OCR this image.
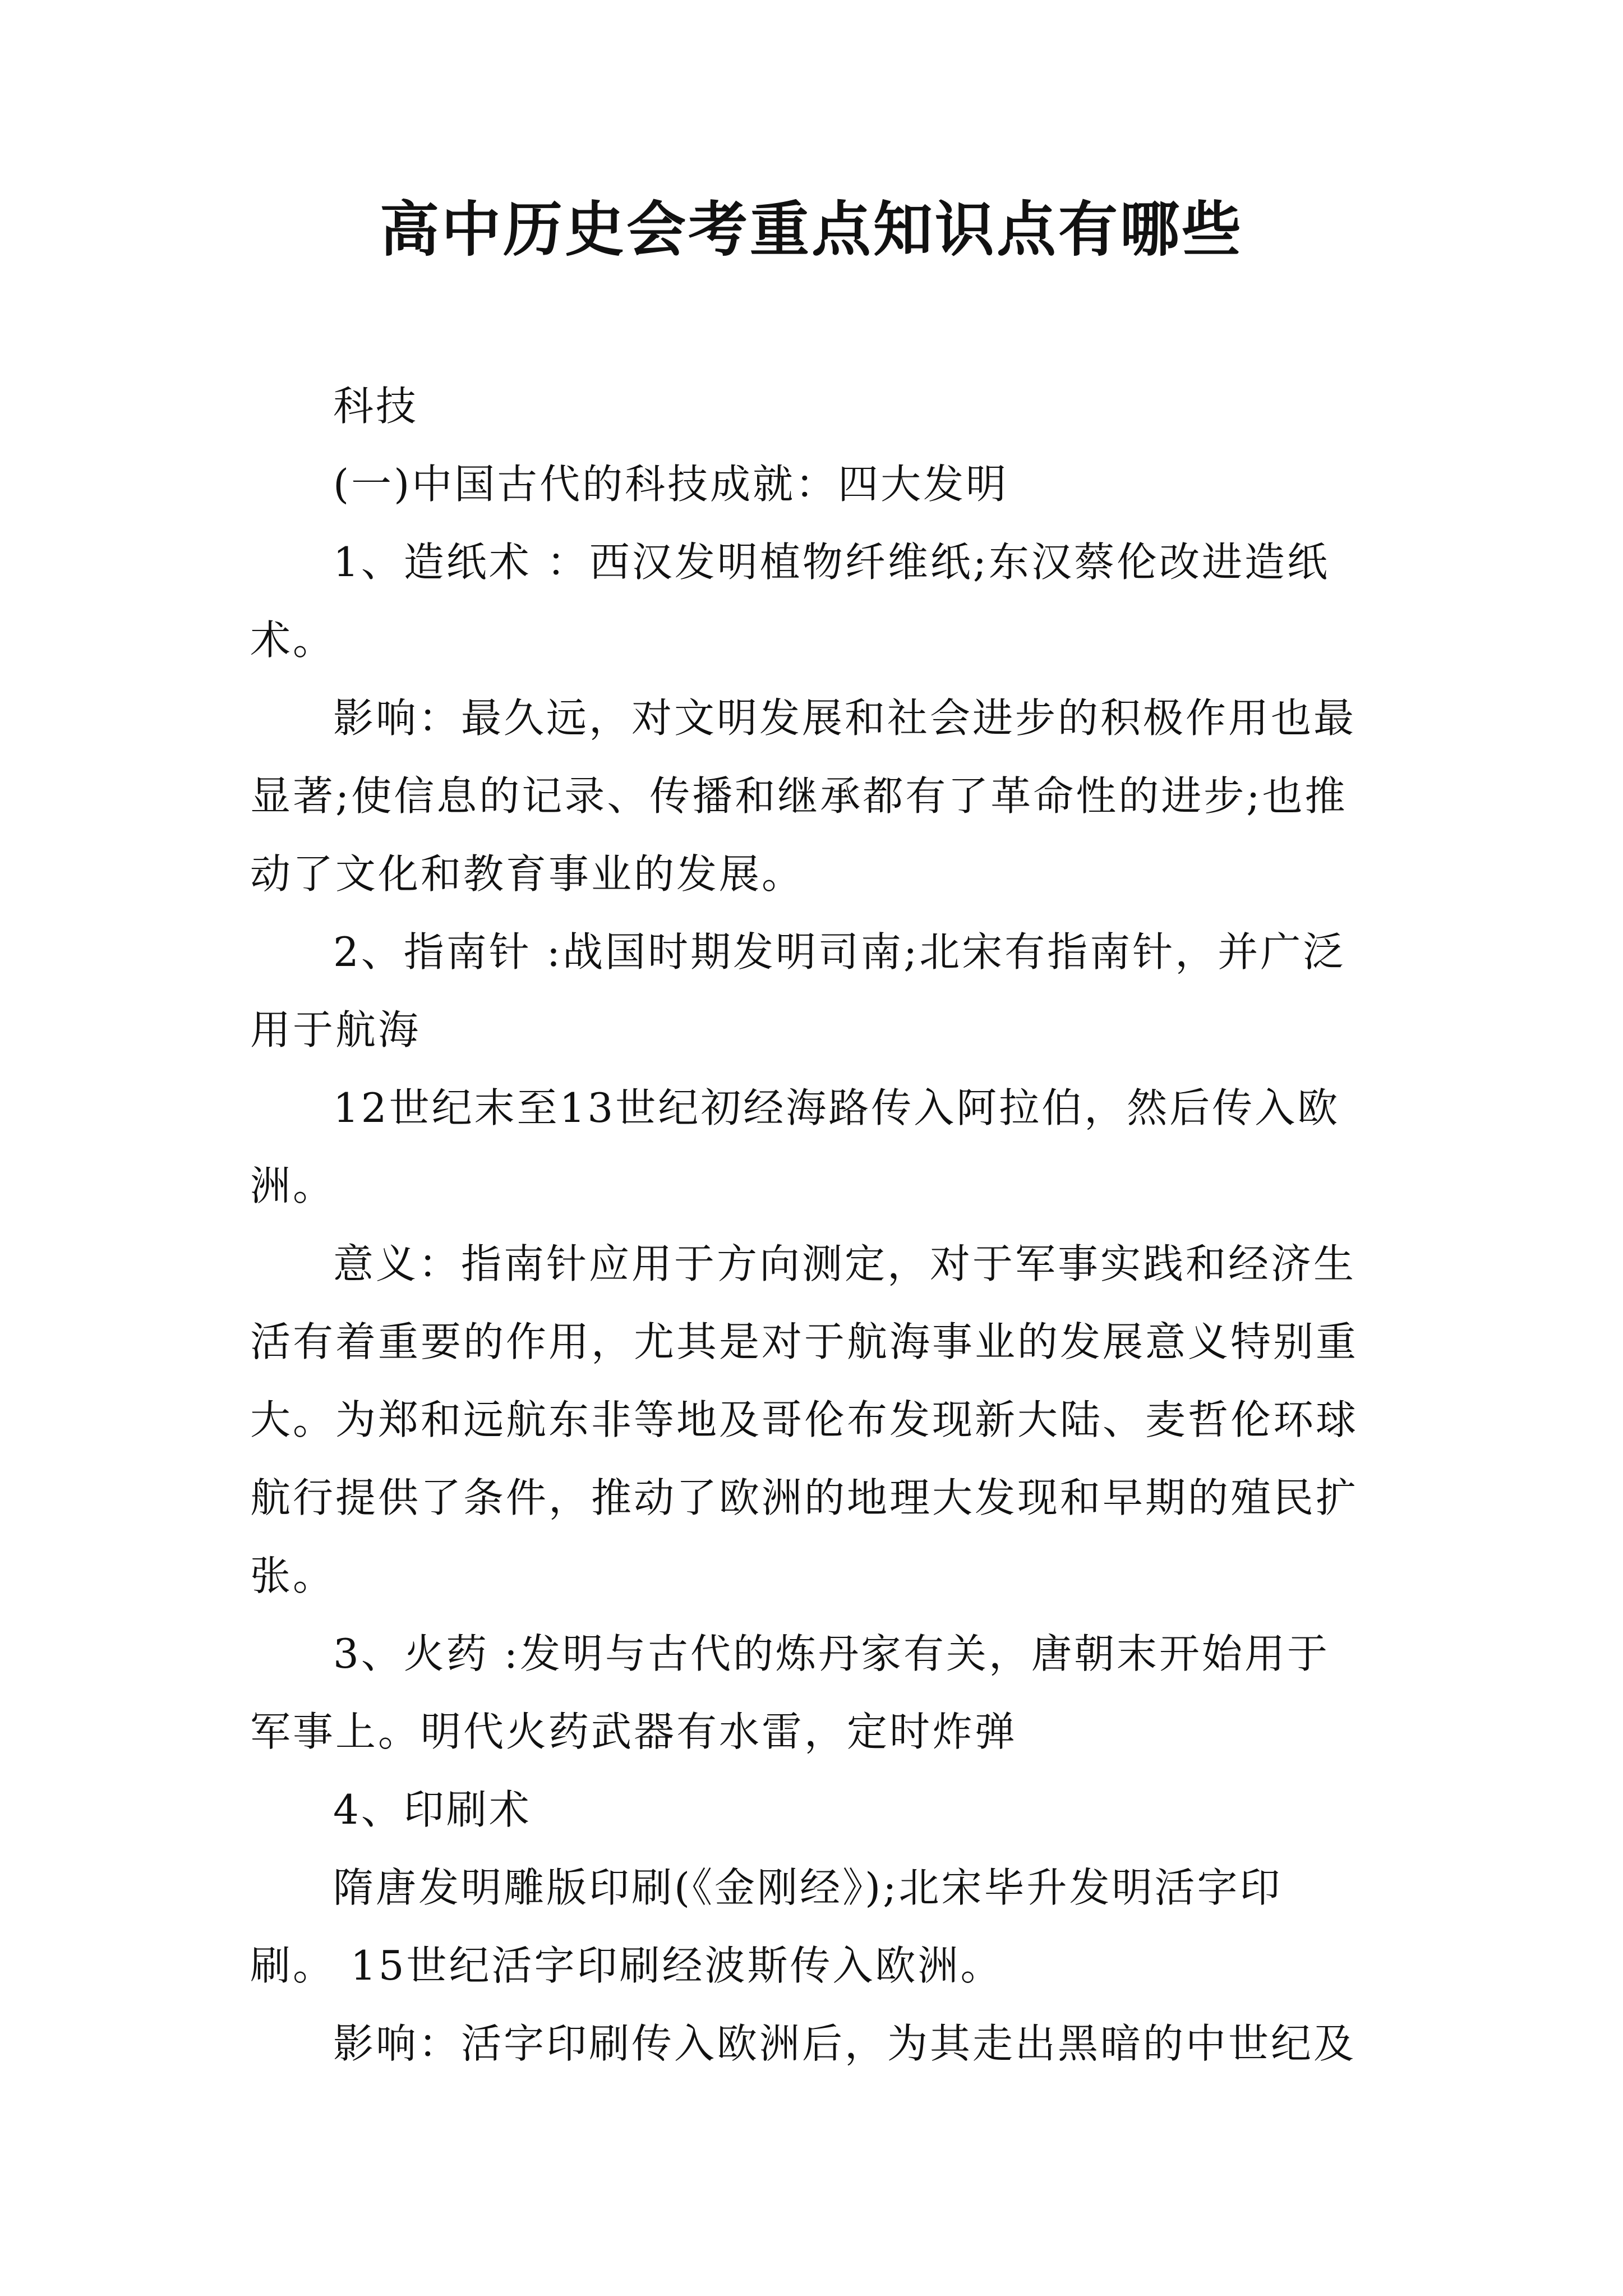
高中历史会考重点知识点有哪些
科技
(一)中国古代的科技成就：四大发明
1、造纸术 ：西汉发明植物纤维纸;东汉蔡伦改进造纸
术。
影响：最久远，对文明发展和社会进步的积极作用也最
显著;使信息的记录、传播和继承都有了革命性的进步;也推
动了文化和教育事业的发展。
2、指南针 :战国时期发明司南;北宋有指南针，并广泛
用于航海
12世纪末至13世纪初经海路传入阿拉伯，然后传入欧
洲。
意义：指南针应用于方向测定，对于军事实践和经济生
活有着重要的作用，尤其是对于航海事业的发展意义特别重
大。为郑和远航东非等地及哥伦布发现新大陆、麦哲伦环球
航行提供了条件，推动了欧洲的地理大发现和早期的殖民扩
张。
3、火药 :发明与古代的炼丹家有关，唐朝末开始用于
军事上。明代火药武器有水雷，定时炸弹
4、印刷术
隋唐发明雕版印刷(《金刚经》);北宋毕升发明活字印
刷。 15世纪活字印刷经波斯传入欧洲。
影响：活字印刷传入欧洲后，为其走出黑暗的中世纪及
